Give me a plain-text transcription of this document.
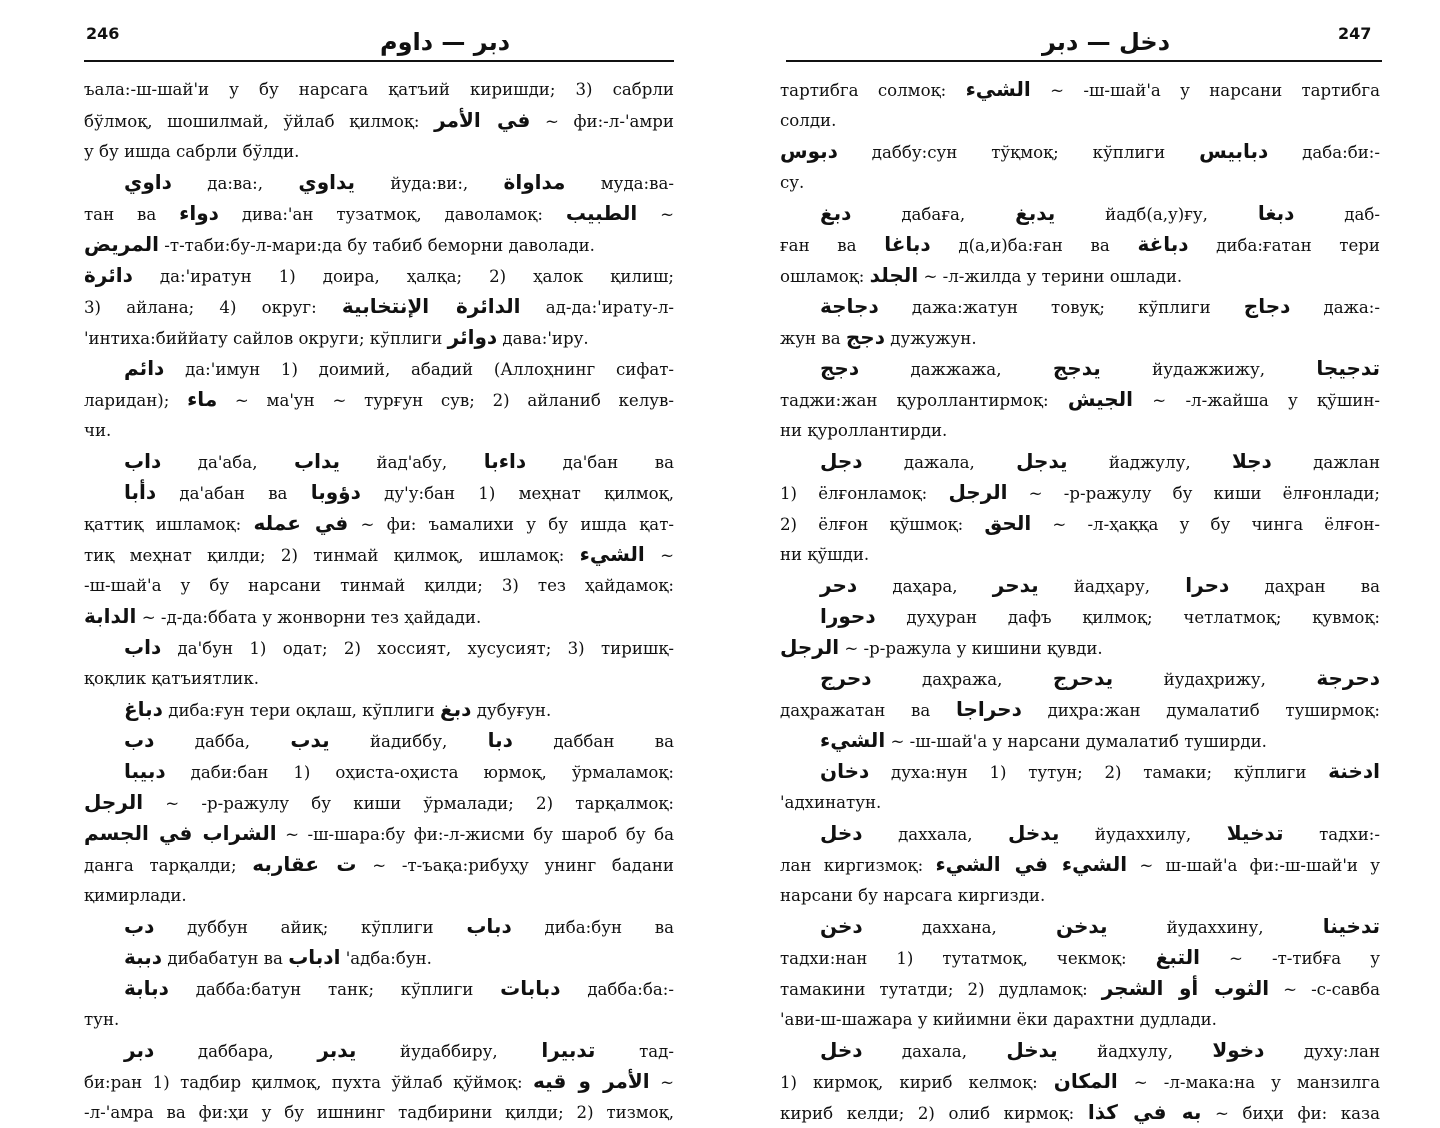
246	دبر — داوم
ъала:-ш-шай'и у бу нарсага қатъий киришди; 3) сабрли
бўлмоқ, шошилмай, ўйлаб қилмоқ: في الأمر ~ фи:-л-'амри
у бу ишда сабрли бўлди.
داوي да:ва:, يداوي йуда:ви:, مداواة муда:ва-
тан ва دواء дива:'ан тузатмоқ, даволамоқ: الطبيب ~
المريض -т-таби:бу-л-мари:да бу табиб беморни даволади.
دائرة да:'иратун 1) доира, ҳалқа; 2) ҳалок қилиш;
3) айлана; 4) округ: الدائرة الإنتخابية ад-да:'ирату-л-
'интиха:биййату сайлов округи; кўплиги دوائر дава:'иру.
دائم да:'имун 1) доимий, абадий (Аллоҳнинг сифат-
ларидан); ماء ~ ма'ун ~ турғун сув; 2) айланиб келув-
чи.
داب да'аба, يداب йад'абу, داءبا да'бан ва
دأبا да'абан ва دؤوبا ду'у:бан 1) меҳнат қилмоқ,
қаттиқ ишламоқ: في عمله ~ фи: ъамалихи у бу ишда қат-
тиқ меҳнат қилди; 2) тинмай қилмоқ, ишламоқ: الشيء ~
-ш-шай'а у бу нарсани тинмай қилди; 3) тез ҳайдамоқ:
الدابة ~ -д-да:ббата у жонворни тез ҳайдади.
داب да'бун 1) одат; 2) хоссият, хусусият; 3) тиришқ-
қоқлик қатъиятлик.
دباغ диба:ғун тери оқлаш, кўплиги دبغ дубуғун.
دب дабба, يدب йадиббу, دبا даббан ва
دبيبا даби:бан 1) оҳиста-оҳиста юрмоқ, ўрмаламоқ:
الرجل ~ -р-ражулу бу киши ўрмалади; 2) тарқалмоқ:
الشراب في الجسم ~ -ш-шара:бу фи:-л-жисми бу шароб бу ба
данга тарқалди; ت عقاربه ~ -т-ъақа:рибуҳу унинг бадани
қимирлади.
دب дуббун айиқ; кўплиги دباب диба:бун ва
دببة дибабатун ва ادباب 'адба:бун.
دبابة дабба:батун танк; кўплиги دبابات дабба:ба:-
тун.
دبر даббара, يدبر йудаббиру, تدبيرا тад-
би:ран 1) тадбир қилмоқ, пухта ўйлаб қўймоқ: الأمر و قيه ~
-л-'амра ва фи:ҳи у бу ишнинг тадбирини қилди; 2) тизмоқ,
247
دخل — دبر
тартибга солмоқ: الشيء ~ -ш-шай'а у нарсани тартибга
солди.
دبوس даббу:сун тўқмоқ; кўплиги دبابيس даба:би:-
су.
دبغ дабаға, يدبغ йадб(а,у)ғу, دبغا даб-
ған ва دباغا д(а,и)ба:ған ва دباغة диба:ғатан тери
ошламоқ: الجلد ~ -л-жилда у терини ошлади.
دجاجة дажа:жатун товуқ; кўплиги دجاج дажа:-
жун ва دجج дужужун.
دجج дажжажа, يدجج йудажжижу, تدجيجا
таджи:жан қуроллантирмоқ: الجيش ~ -л-жайша у қўшин-
ни қуроллантирди.
دجل дажала, يدجل йаджулу, دجلا дажлан
1) ёлғонламоқ: الرجل ~ -р-ражулу бу киши ёлғонлади;
2) ёлғон қўшмоқ: الحق ~ -л-ҳаққа у бу чинга ёлғон-
ни қўшди.
دحر даҳара, يدحر йадҳару, دحرا даҳран ва
دحورا дуҳуран дафъ қилмоқ; четлатмоқ; қувмоқ:
الرجل ~ -р-ражула у кишини қувди.
دحرج даҳража, يدحرج йудаҳрижу, دحرجة
даҳражатан ва دحراجا диҳра:жан думалатиб туширмоқ:
الشيء ~ -ш-шай'а у нарсани думалатиб туширди.
دخان духа:нун 1) тутун; 2) тамаки; кўплиги ادخنة
'адхинатун.
دخل даххала, يدخل йудаххилу, تدخيلا тадхи:-
лан киргизмоқ: الشيء في الشيء ~ ш-шай'а фи:-ш-шай'и у
нарсани бу нарсага киргизди.
دخن даххана, يدخن йудаххину, تدخينا
тадхи:нан 1) тутатмоқ, чекмоқ: التبغ ~ -т-тибға у
тамакини тутатди; 2) дудламоқ: الثوب أو الشجر ~ -с-савба
'ави-ш-шажара у кийимни ёки дарахтни дудлади.
دخل дахала, يدخل йадхулу, دخولا духу:лан
1) кирмоқ, кириб келмоқ: المكان ~ -л-мака:на у манзилга
кириб келди; 2) олиб кирмоқ: به في كذا ~ биҳи фи: каза
